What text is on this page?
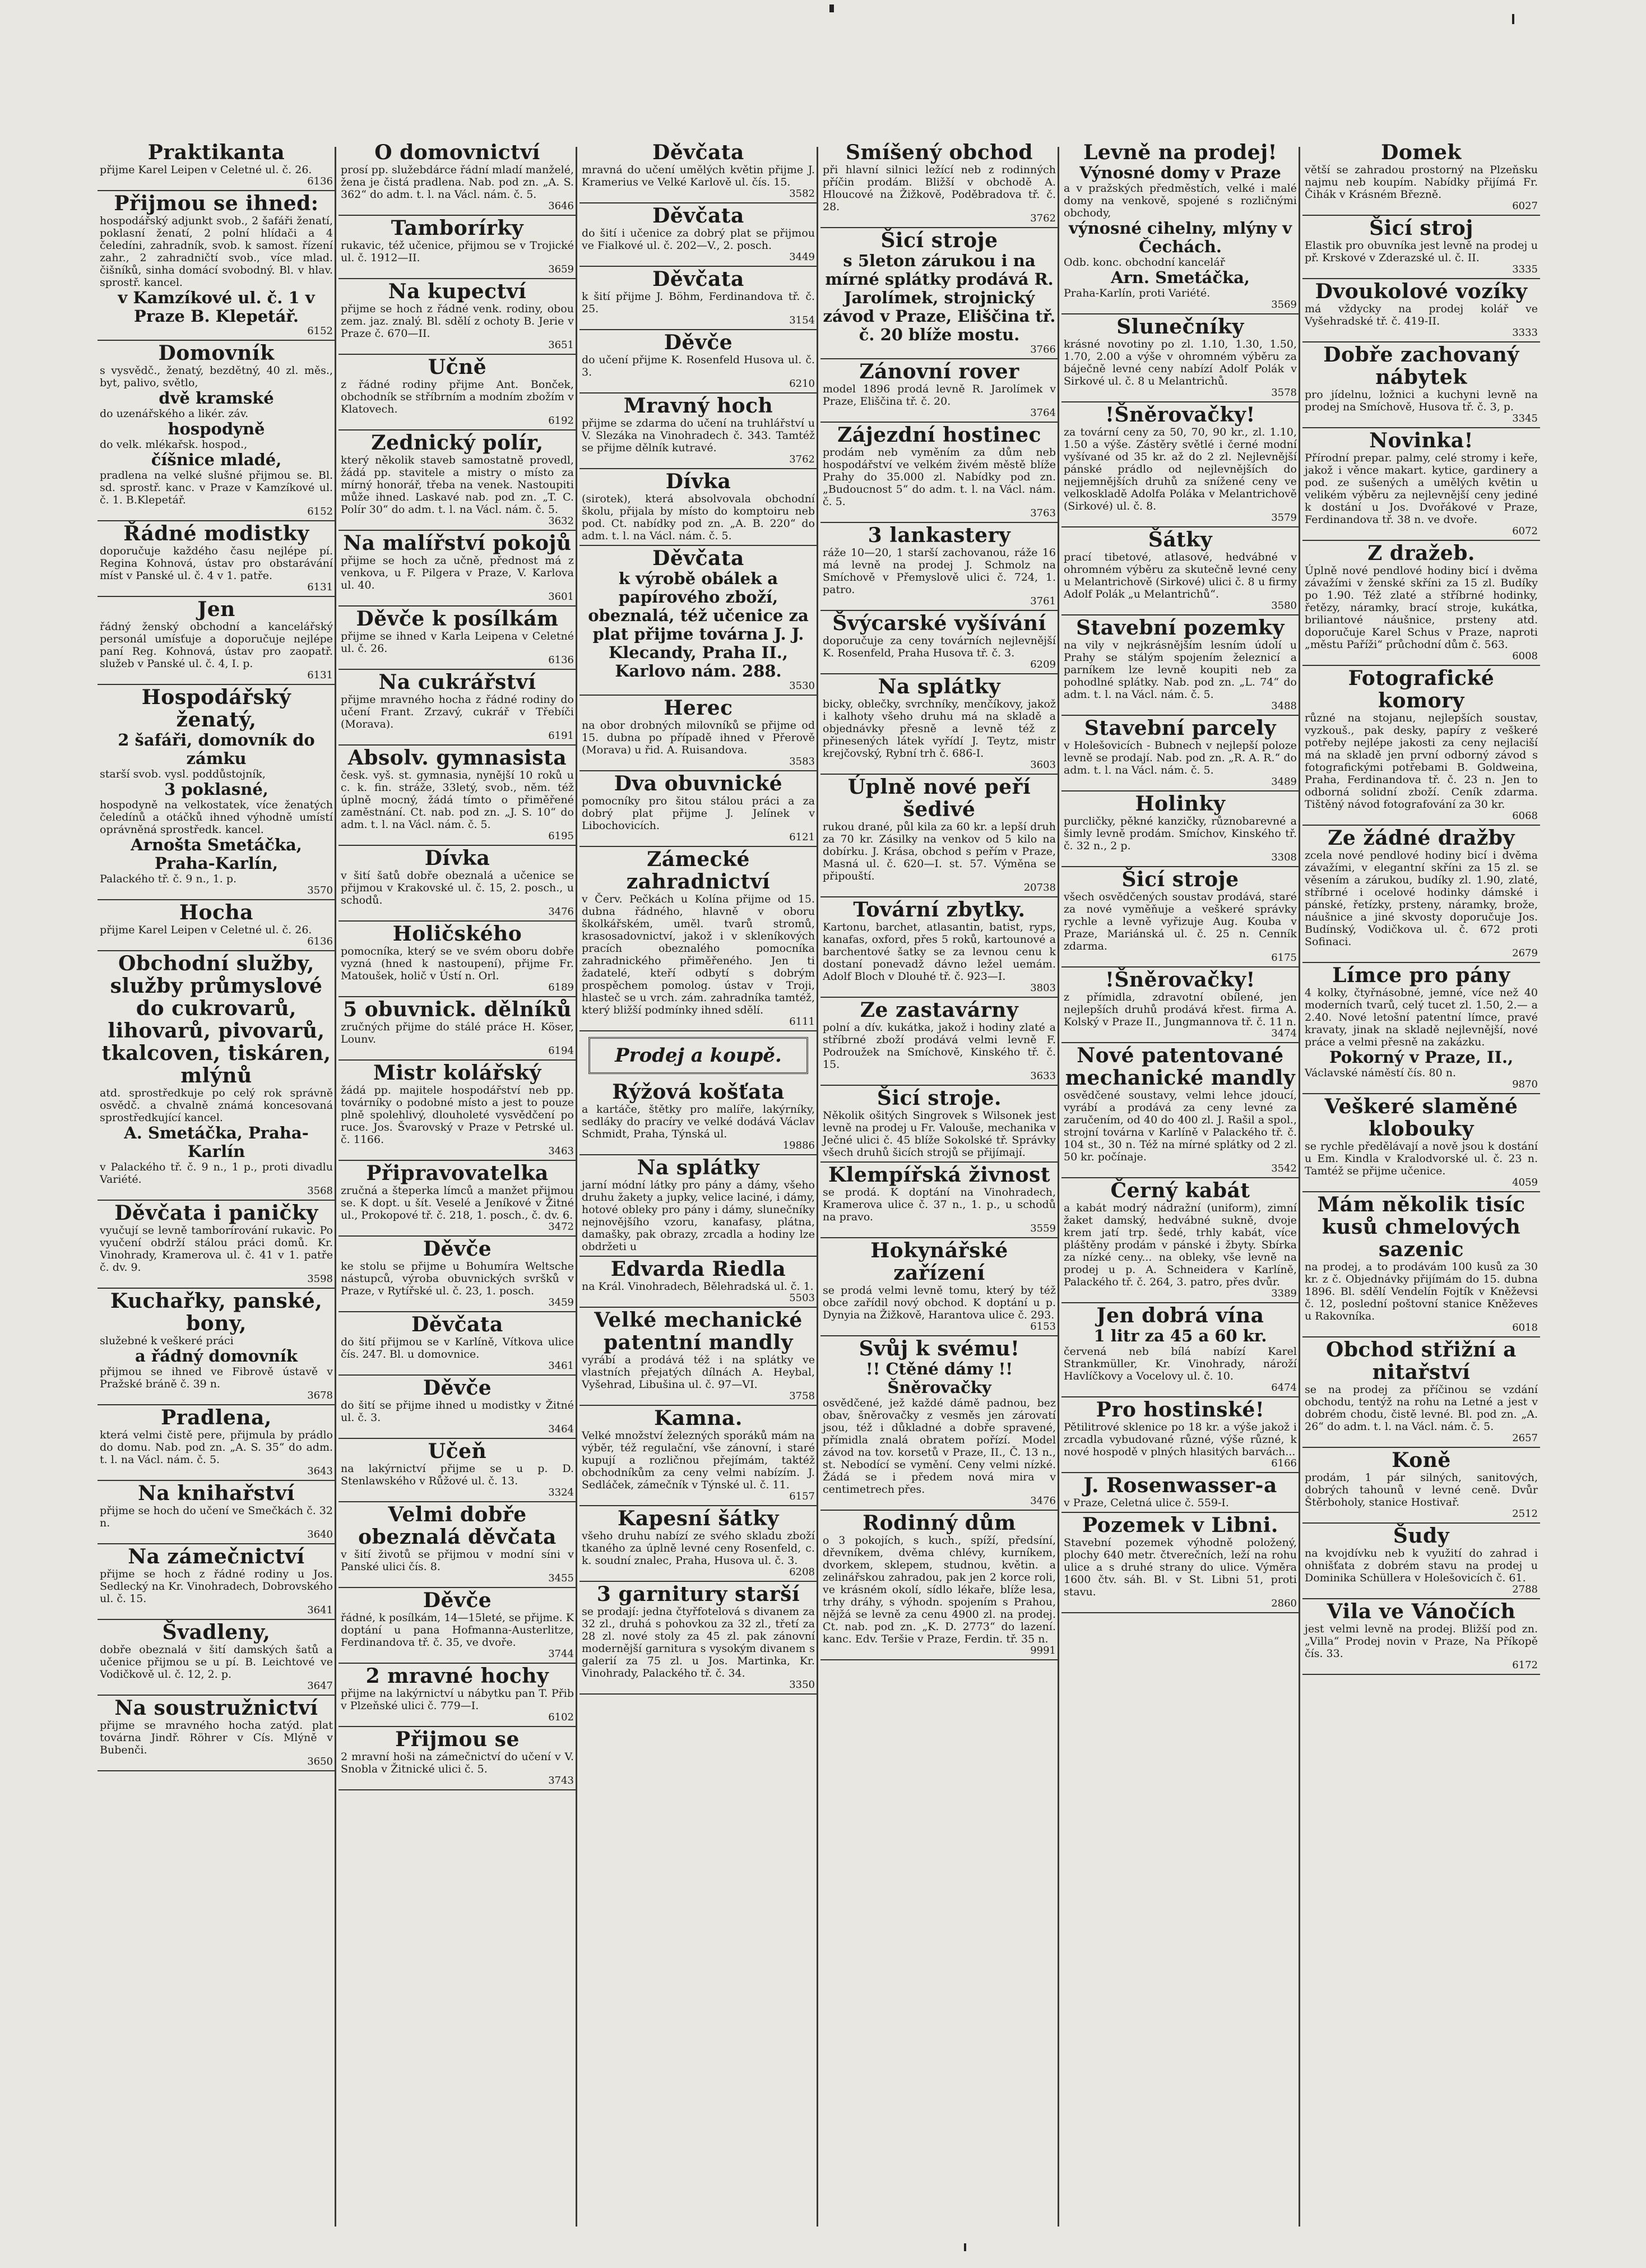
Praktikanta

přijme Karel Leipen v Celetné ul. č. 26.

6136
Přijmou se ihned:

hospodářský adjunkt svob., 2 šafáři ženatí, poklasní ženatí, 2 polní hlídači a 4 čeledíni, zahradník, svob. k samost. řízení zahr., 2 zahradničtí svob., více mlad. čišníků, sinha domácí svobodný. Bl. v hlav. sprostř. kancel.

v Kamzíkové ul. č. 1 v Praze B. Klepetář.
6152
Domovník

s vysvědč., ženatý, bezdětný, 40 zl. měs., byt, palivo, světlo,

dvě kramské

do uzenářského a likér. záv.

hospodyně

do velk. mlékařsk. hospod.,

číšnice mladé,

pradlena na velké slušné přijmou se. Bl. sd. sprostř. kanc. v Praze v Kamzíkové ul. č. 1. B.Klepetář.

6152
Řádné modistky

doporučuje každého času nejlépe pí. Regina Kohnová, ústav pro obstarávání míst v Panské ul. č. 4 v 1. patře.

6131
Jen

řádný ženský obchodní a kancelářský personál umísťuje a doporučuje nejlépe paní Reg. Kohnová, ústav pro zaopatř. služeb v Panské ul. č. 4, I. p.

6131
Hospodářský ženatý,
2 šafáři, domovník do zámku

starší svob. vysl. poddůstojník,

3 poklasné,

hospodyně na velkostatek, více ženatých čeledínů a otáčků ihned výhodně umístí oprávněná sprostředk. kancel.

Arnošta Smetáčka, Praha-Karlín,

Palackého tř. č. 9 n., 1. p.

3570
Hocha

přijme Karel Leipen v Celetné ul. č. 26.

6136
Obchodní služby, služby průmyslové do cukrovarů, lihovarů, pivovarů, tkalcoven, tiskáren, mlýnů

atd. sprostředkuje po celý rok správně osvědč. a chvalně známá koncesovaná sprostředkující kancel.

A. Smetáčka, Praha-Karlín

v Palackého tř. č. 9 n., 1 p., proti divadlu Variété.

3568
Děvčata i paničky

vyučují se levně tamborírování rukavic. Po vyučení obdrží stálou práci domů. Kr. Vinohrady, Kramerova ul. č. 41 v 1. patře č. dv. 9.

3598
Kuchařky, panské, bony,

služebné k veškeré práci

a řádný domovník

přijmou se ihned ve Fibrově ústavě v Pražské bráně č. 39 n.

3678
Pradlena,

která velmi čistě pere, přijmula by prádlo do domu. Nab. pod zn. „A. S. 35“ do adm. t. l. na Václ. nám. č. 5.

3643
Na knihařství

přijme se hoch do učení ve Smečkách č. 32 n.

3640
Na zámečnictví

přijme se hoch z řádné rodiny u Jos. Sedlecký na Kr. Vinohradech, Dobrovského ul. č. 15.

3641
Švadleny,

dobře obeznalá v šití damských šatů a učenice přijmou se u pí. B. Leichtové ve Vodičkově ul. č. 12, 2. p.

3647
Na soustružnictví

přijme se mravného hocha zatýd. plat továrna Jindř. Röhrer v Cís. Mlýně v Bubenči.

3650
O domovnictví

prosí pp. služebdárce řádní mladí manželé, žena je čistá pradlena. Nab. pod zn. „A. S. 362“ do adm. t. l. na Václ. nám. č. 5.

3646
Tamborírky

rukavic, též učenice, přijmou se v Trojické ul. č. 1912—II.

3659
Na kupectví

přijme se hoch z řádné venk. rodiny, obou zem. jaz. znalý. Bl. sdělí z ochoty B. Jerie v Praze č. 670—II.

3651
Učně

z řádné rodiny přijme Ant. Bonček, obchodník se stříbrním a modním zbožím v Klatovech.

6192
Zednický polír,

který několik staveb samostatně provedl, žádá pp. stavitele a mistry o místo za mírný honorář, třeba na venek. Nastoupiti může ihned. Laskavé nab. pod zn. „T. C. Polír 30“ do adm. t. l. na Václ. nám. č. 5.

3632
Na malířství pokojů

přijme se hoch za učně, přednost má z venkova, u F. Pilgera v Praze, V. Karlova ul. 40.

3601
Děvče k posílkám

přijme se ihned v Karla Leipena v Celetné ul. č. 26.

6136
Na cukrářství

přijme mravného hocha z řádné rodiny do učení Frant. Zrzavý, cukrář v Třebíči (Morava).

6191
Absolv. gymnasista

česk. vyš. st. gymnasia, nynější 10 roků u c. k. fin. stráže, 33letý, svob., něm. též úplně mocný, žádá tímto o přiměřené zaměstnání. Ct. nab. pod zn. „J. S. 10“ do adm. t. l. na Václ. nám. č. 5.

6195
Dívka

v šití šatů dobře obeznalá a učenice se přijmou v Krakovské ul. č. 15, 2. posch., u schodů.

3476
Holičského

pomocníka, který se ve svém oboru dobře vyzná (hned k nastoupení), přijme Fr. Matoušek, holič v Ústí n. Orl.

6189
5 obuvnick. dělníků

zručných přijme do stálé práce H. Köser, Lounv.

6194
Mistr kolářský

žádá pp. majitele hospodářství neb pp. továrníky o podobné místo a jest to pouze plně spolehlivý, dlouholeté vysvědčení po ruce. Jos. Švarovský v Praze v Petrské ul. č. 1166.

3463
Připravovatelka

zručná a šteperka límců a manžet přijmou se. K dopt. u šít. Veselé a Jeníkové v Žitné ul., Prokopové tř. č. 218, 1. posch., č. dv. 6.

3472
Děvče

ke stolu se přijme u Bohumíra Weltsche nástupců, výroba obuvnických svršků v Praze, v Rytířské ul. č. 23, 1. posch.

3459
Děvčata

do šití přijmou se v Karlíně, Vítkova ulice čís. 247. Bl. u domovnice.

3461
Děvče

do šití se přijme ihned u modistky v Žitné ul. č. 3.

3464
Učeň

na lakýrnictví přijme se u p. D. Stenlawského v Růžové ul. č. 13.

3324
Velmi dobře obeznalá děvčata

v šití životů se přijmou v modní síni v Panské ulici čís. 8.

3455
Děvče

řádné, k posílkám, 14—15leté, se přijme. K doptání u pana Hofmanna-Austerlitze, Ferdinandova tř. č. 35, ve dvoře.

3744
2 mravné hochy

přijme na lakýrnictví u nábytku pan T. Přib v Plzeňské ulici č. 779—I.

6102
Přijmou se

2 mravní hoši na zámečnictví do učení v V. Snobla v Žitnické ulici č. 5.

3743
Děvčata

mravná do učení umělých květin přijme J. Kramerius ve Velké Karlově ul. čís. 15.

3582
Děvčata

do šití i učenice za dobrý plat se přijmou ve Fialkové ul. č. 202—V., 2. posch.

3449
Děvčata

k šití přijme J. Böhm, Ferdinandova tř. č. 25.

3154
Děvče

do učení přijme K. Rosenfeld Husova ul. č. 3.

6210
Mravný hoch

přijme se zdarma do učení na truhlářství u V. Slezáka na Vinohradech č. 343. Tamtéž se přijme dělník kutravé.

3762
Dívka

(sirotek), která absolvovala obchodní školu, přijala by místo do komptoiru neb pod. Ct. nabídky pod zn. „A. B. 220“ do adm. t. l. na Václ. nám. č. 5.

Děvčata
k výrobě obálek a papírového zboží, obeznalá, též učenice za plat přijme továrna J. J. Klecandy, Praha II., Karlovo nám. 288.
3530
Herec

na obor drobných milovníků se přijme od 15. dubna po případě ihned v Přerově (Morava) u řid. A. Ruisandova.

3583
Dva obuvnické

pomocníky pro šitou stálou práci a za dobrý plat přijme J. Jelínek v Libochovicích.

6121
Zámecké zahradnictví

v Červ. Pečkách u Kolína přijme od 15. dubna řádného, hlavně v oboru školkářském, uměl. tvarů stromů, krasosadovnictví, jakož i v skleníkových pracích obeznalého pomocníka zahradnického přiměřeného. Jen ti žadatelé, kteří odbytí s dobrým prospěchem pomolog. ústav v Troji, hlasteč se u vrch. zám. zahradníka tamtéž, který bližší podmínky ihned sdělí.

6111
Prodej a koupě.
Rýžová košťata

a kartáče, štětky pro malíře, lakýrníky, sedláky do pracíry ve velké dodává Václav Schmidt, Praha, Týnská ul.

19886
Na splátky

jarní módní látky pro pány a dámy, všeho druhu žakety a jupky, velice laciné, i dámy, hotové obleky pro pány i dámy, slunečníky nejnovějšího vzoru, kanafasy, plátna, damašky, pak obrazy, zrcadla a hodiny lze obdržeti u

Edvarda Riedla

na Král. Vinohradech, Bělehradská ul. č. 1.

5503
Velké mechanické patentní mandly

vyrábí a prodává též i na splátky ve vlastních přejatých dílnách A. Heybal, Vyšehrad, Libušina ul. č. 97—VI.

3758
Kamna.

Velké množství železných sporáků mám na výběr, též regulační, vše zánovní, i staré kupují a rozličnou přejímám, taktéž obchodníkům za ceny velmi nabízím. J. Sedláček, zámečník v Týnské ul. č. 11.

6157
Kapesní šátky

všeho druhu nabízí ze svého skladu zboží tkaného za úplně levné ceny Rosenfeld, c. k. soudní znalec, Praha, Husova ul. č. 3.

6208
3 garnitury starší

se prodají: jedna čtyřfotelová s divanem za 32 zl., druhá s pohovkou za 32 zl., třetí za 28 zl. nové stoly za 45 zl. pak zánovní modernější garnitura s vysokým divanem s galerií za 75 zl. u Jos. Martinka, Kr. Vinohrady, Palackého tř. č. 34.

3350
Smíšený obchod

při hlavní silnici ležící neb z rodinných příčin prodám. Bližší v obchodě A. Hloucové na Žižkově, Poděbradova tř. č. 28.

3762
Šicí stroje
s 5leton zárukou i na mírné splátky prodává R. Jarolímek, strojnický závod v Praze, Eliščina tř. č. 20 blíže mostu.
3766
Zánovní rover

model 1896 prodá levně R. Jarolímek v Praze, Eliščina tř. č. 20.

3764
Zájezdní hostinec

prodám neb vyměním za dům neb hospodářství ve velkém živém městě blíže Prahy do 35.000 zl. Nabídky pod zn. „Budoucnost 5“ do adm. t. l. na Václ. nám. č. 5.

3763
3 lankastery

ráže 10—20, 1 starší zachovanou, ráže 16 má levně na prodej J. Schmolz na Smíchově v Přemyslově ulici č. 724, 1. patro.

3761
Švýcarské vyšívání

doporučuje za ceny továrních nejlevnější K. Rosenfeld, Praha Husova tř. č. 3.

6209
Na splátky

bicky, oblečky, svrchníky, menčíkovy, jakož i kalhoty všeho druhu má na skladě a objednávky přesně a levně též z přinesených látek vyřídí J. Teytz, mistr krejčovský, Rybní trh č. 686-I.

3603
Úplně nové peří šedivé

rukou drané, půl kila za 60 kr. a lepší druh za 70 kr. Zásilky na venkov od 5 kilo na dobírku. J. Krása, obchod s peřím v Praze, Masná ul. č. 620—I. st. 57. Výměna se připouští.

20738
Tovární zbytky.

Kartonu, barchet, atlasantin, batist, ryps, kanafas, oxford, přes 5 roků, kartounové a barchentové šatky se za levnou cenu k dostaní ponevadž dávno ležel uemám. Adolf Bloch v Dlouhé tř. č. 923—I.

3803
Ze zastavárny

polní a dív. kukátka, jakož i hodiny zlaté a stříbrné zboží prodává velmi levně F. Podroužek na Smíchově, Kinského tř. č. 15.

3633
Šicí stroje.

Několik ošitých Singrovek s Wilsonek jest levně na prodej u Fr. Valouše, mechanika v Ječné ulici č. 45 blíže Sokolské tř. Správky všech druhů šicích strojů se přijímají.

Klempířská živnost

se prodá. K doptání na Vinohradech, Kramerova ulice č. 37 n., 1. p., u schodů na pravo.

3559
Hokynářské zařízení

se prodá velmi levně tomu, který by též obce zařídil nový obchod. K doptání u p. Dynyia na Žižkově, Harantova ulice č. 293.

6153
Svůj k svému!
!! Ctěné dámy !! Šněrovačky

osvědčené, jež každé dámě padnou, bez obav, šněrovačky z vesměs jen zárovatí jsou, též i důkladné a dobře spravené, přímidla znalá obratem pořízí. Model závod na tov. korsetů v Praze, II., Č. 13 n., st. Nebodící se vymění. Ceny velmi nízké. Žádá se i předem nová mira v centimetrech přes.

3476
Rodinný dům

o 3 pokojích, s kuch., spíží, předsíní, dřevníkem, dvěma chlévy, kurníkem, dvorkem, sklepem, studnou, květin. a zelinářskou zahradou, pak jen 2 korce roli, ve krásném okolí, sídlo lékaře, blíže lesa, trhy dráhy, s výhodn. spojením s Prahou, nějžá se levně za cenu 4900 zl. na prodej. Ct. nab. pod zn. „K. D. 2773“ do lazení. kanc. Edv. Teršie v Praze, Ferdin. tř. 35 n.

9991
Levně na prodej!
Výnosné domy v Praze

a v pražských předměstích, velké i malé domy na venkově, spojené s rozličnými obchody,

výnosné cihelny, mlýny v Čechách.

Odb. konc. obchodní kancelář

Arn. Smetáčka,

Praha-Karlín, proti Variété.

3569
Slunečníky

krásné novotiny po zl. 1.10, 1.30, 1.50, 1.70, 2.00 a výše v ohromném výběru za báječně levné ceny nabízí Adolf Polák v Sirkové ul. č. 8 u Melantrichů.

3578
!Šněrovačky!

za tovární ceny za 50, 70, 90 kr., zl. 1.10, 1.50 a výše. Zástěry světlé i černé modní vyšívané od 35 kr. až do 2 zl. Nejlevnější pánské prádlo od nejlevnějších do nejjemnějších druhů za snížené ceny ve velkoskladě Adolfa Poláka v Melantrichově (Sirkové) ul. č. 8.

3579
Šátky

prací tibetové, atlasové, hedvábné v ohromném výběru za skutečně levné ceny u Melantrichově (Sirkové) ulici č. 8 u firmy Adolf Polák „u Melantrichů“.

3580
Stavební pozemky

na vily v nejkrásnějším lesním údolí u Prahy se stálým spojením železnicí a parníkem lze levně koupiti neb za pohodlné splátky. Nab. pod zn. „L. 74“ do adm. t. l. na Václ. nám. č. 5.

3488
Stavební parcely

v Holešovicích - Bubnech v nejlepší poloze levně se prodají. Nab. pod zn. „R. A. R.“ do adm. t. l. na Václ. nám. č. 5.

3489
Holinky

purcličky, pěkné kanzičky, různobarevné a šimly levně prodám. Smíchov, Kinského tř. č. 32 n., 2 p.

3308
Šicí stroje

všech osvědčených soustav prodává, staré za nové vyměňuje a veškeré správky rychle a levně vyřizuje Aug. Kouba v Praze, Mariánská ul. č. 25 n. Cenník zdarma.

6175
!Šněrovačky!

z přímidla, zdravotní obílené, jen nejlepších druhů prodává křest. firma A. Kolský v Praze II., Jungmannova tř. č. 11 n.

3474
Nové patentované mechanické mandly

osvědčené soustavy, velmi lehce jdoucí, vyrábí a prodává za ceny levné za zaručením, od 40 do 400 zl. J. Rašil a spol., strojní továrna v Karlíně v Palackého tř. č. 104 st., 30 n. Též na mírné splátky od 2 zl. 50 kr. počínaje.

3542
Černý kabát

a kabát modrý nádražní (uniform), zimní žaket damský, hedvábné sukně, dvoje krem jatí trp. šedé, trhly kabát, více pláštěny prodám v pánské i žbyty. Sbírka za nízké ceny... na obleky, vše levně na prodej u p. A. Schneidera v Karlíně, Palackého tř. č. 264, 3. patro, přes dvůr.

3389
Jen dobrá vína
1 litr za 45 a 60 kr.

červená neb bílá nabízí Karel Strankmüller, Kr. Vinohrady, nároží Havlíčkovy a Vocelovy ul. č. 10.

6474
Pro hostinské!

Pětilitrové sklenice po 18 kr. a výše jakož i zrcadla vybudované různé, výše různé, k nové hospodě v plných hlasitých barvách...

6166
J. Rosenwasser-a

v Praze, Celetná ulice č. 559-I.

Pozemek v Libni.

Stavební pozemek výhodně položený, plochy 640 metr. čtverečních, leží na rohu ulice a s druhé strany do ulice. Výměra 1600 čtv. sáh. Bl. v St. Libni 51, proti stavu.

2860
Domek

větší se zahradou prostorný na Plzeňsku najmu neb koupím. Nabídky přijímá Fr. Čihák v Krásném Březně.

6027
Šicí stroj

Elastik pro obuvníka jest levně na prodej u př. Krskové v Zderazské ul. č. II.

3335
Dvoukolové vozíky

má vždycky na prodej kolář ve Vyšehradské tř. č. 419-II.

3333
Dobře zachovaný nábytek

pro jídelnu, ložnici a kuchyni levně na prodej na Smíchově, Husova tř. č. 3, p.

3345
Novinka!

Přírodní prepar. palmy, celé stromy i keře, jakož i věnce makart. kytice, gardinery a pod. ze sušených a umělých květin u velikém výběru za nejlevnější ceny jediné k dostání u Jos. Dvořákové v Praze, Ferdinandova tř. 38 n. ve dvoře.

6072
Z dražeb.

Úplně nové pendlové hodiny bicí i dvěma závažími v ženské skříni za 15 zl. Budíky po 1.90. Též zlaté a stříbrné hodinky, řetězy, náramky, brací stroje, kukátka, briliantové náušnice, prsteny atd. doporučuje Karel Schus v Praze, naproti „městu Paříži“ průchodní dům č. 563.

6008
Fotografické komory

různé na stojanu, nejlepších soustav, vyzkouš., pak desky, papíry z veškeré potřeby nejlépe jakosti za ceny nejlaciší má na skladě jen první odborný závod s fotografickými potřebami B. Goldweina, Praha, Ferdinandova tř. č. 23 n. Jen to odborná solidní zboží. Ceník zdarma. Tištěný návod fotografování za 30 kr.

6068
Ze žádné dražby

zcela nové pendlové hodiny bicí i dvěma závažími, v elegantní skříni za 15 zl. se věsením a zárukou, budíky zl. 1.90, zlaté, stříbrné i ocelové hodinky dámské i pánské, řetízky, prsteny, náramky, brože, náušnice a jiné skvosty doporučuje Jos. Budínský, Vodičkova ul. č. 672 proti Sofinaci.

2679
Límce pro pány

4 kolky, čtyřnásobné, jemné, více než 40 moderních tvarů, celý tucet zl. 1.50, 2.— a 2.40. Nové letošní patentní límce, pravé kravaty, jinak na skladě nejlevnější, nové práce a velmi přesně na zakázku.

Pokorný v Praze, II.,

Václavské náměstí čís. 80 n.

9870
Veškeré slaměné klobouky

se rychle předělávají a nově jsou k dostání u Em. Kindla v Kralodvorské ul. č. 23 n. Tamtéž se přijme učenice.

4059
Mám několik tisíc kusů chmelových sazenic

na prodej, a to prodávám 100 kusů za 30 kr. z č. Objednávky přijímám do 15. dubna 1896. Bl. sdělí Vendelín Fojtík v Kněževsi č. 12, poslední poštovní stanice Kněževes u Rakovníka.

6018
Obchod střižní a nitařství

se na prodej za příčinou se vzdání obchodu, tentýž na rohu na Letné a jest v dobrém chodu, čistě levné. Bl. pod zn. „A. 26“ do adm. t. l. na Václ. nám. č. 5.

2657
Koně

prodám, 1 pár silných, sanitových, dobrých tahounů v levné ceně. Dvůr Štěrboholy, stanice Hostivař.

2512
Šudy

na kvojdívku neb k využití do zahrad i ohnišťata z dobrém stavu na prodej u Dominika Schüllera v Holešovicích č. 61.

2788
Vila ve Vánočích

jest velmi levně na prodej. Bližší pod zn. „Villa“ Prodej novin v Praze, Na Příkopě čís. 33.

6172
